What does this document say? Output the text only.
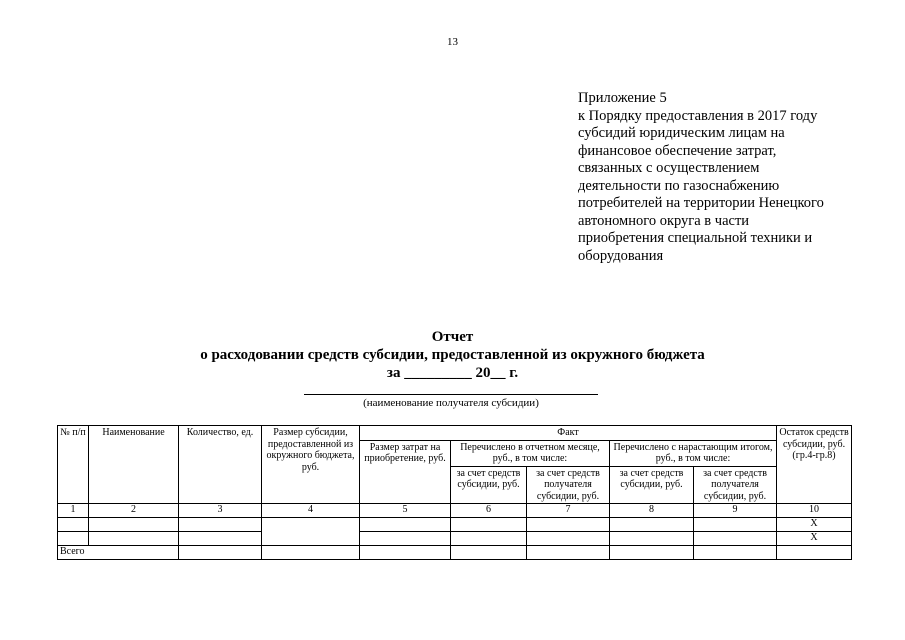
13
Приложение 5
к Порядку предоставления в 2017 году
субсидий юридическим лицам на
финансовое обеспечение затрат,
связанных с осуществлением
деятельности по газоснабжению
потребителей на территории Ненецкого
автономного округа в части
приобретения специальной техники и
оборудования
Отчет
о расходовании средств субсидии, предоставленной из окружного бюджета
за _________ 20__ г.
(наименование получателя субсидии)
№ п/п	Наименование	Количество, ед.	Размер субсидии, предоставленной из окружного бюджета, руб.	Факт					Остаток средств субсидии, руб. (гр.4-гр.8)
				Размер затрат на приобретение, руб.	Перечислено в отчетном месяце, руб., в том числе:		Перечислено с нарастающим итогом, руб., в том числе:		
					за счет средств субсидии, руб.	за счет средств получателя субсидии, руб.	за счет средств субсидии, руб.	за счет средств получателя субсидии, руб.	
1	2	3	4	5	6	7	8	9	10
									X
									X
Всего									
